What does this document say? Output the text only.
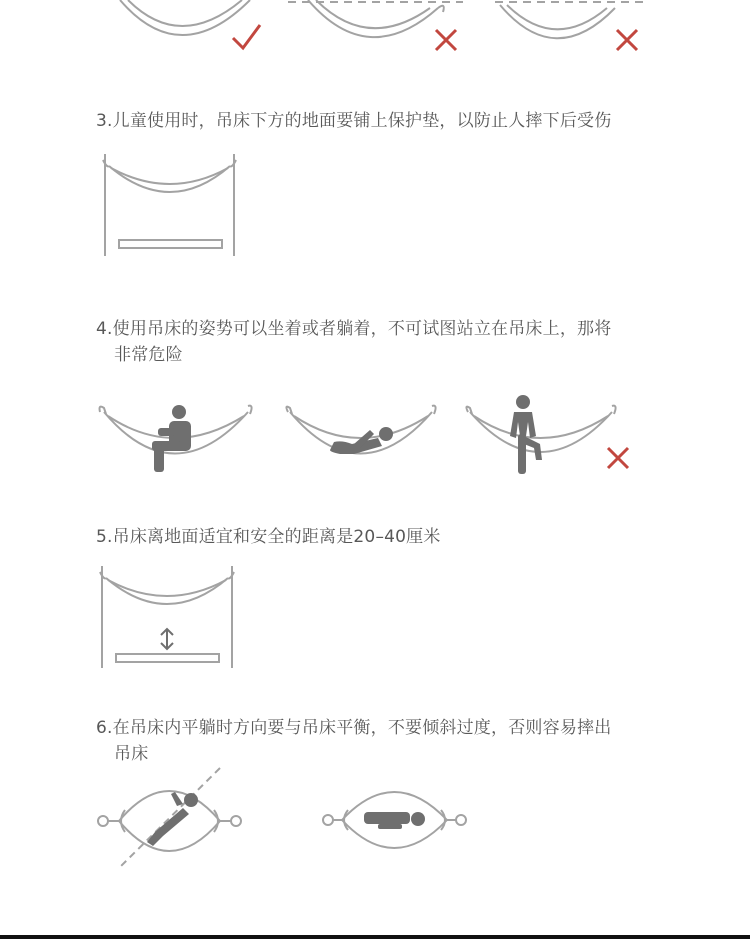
3.儿童使用时，吊床下方的地面要铺上保护垫，以防止人摔下后受伤
4.使用吊床的姿势可以坐着或者躺着，不可试图站立在吊床上，那将
非常危险
5.吊床离地面适宜和安全的距离是20–40厘米
6.在吊床内平躺时方向要与吊床平衡，不要倾斜过度，否则容易摔出
吊床
